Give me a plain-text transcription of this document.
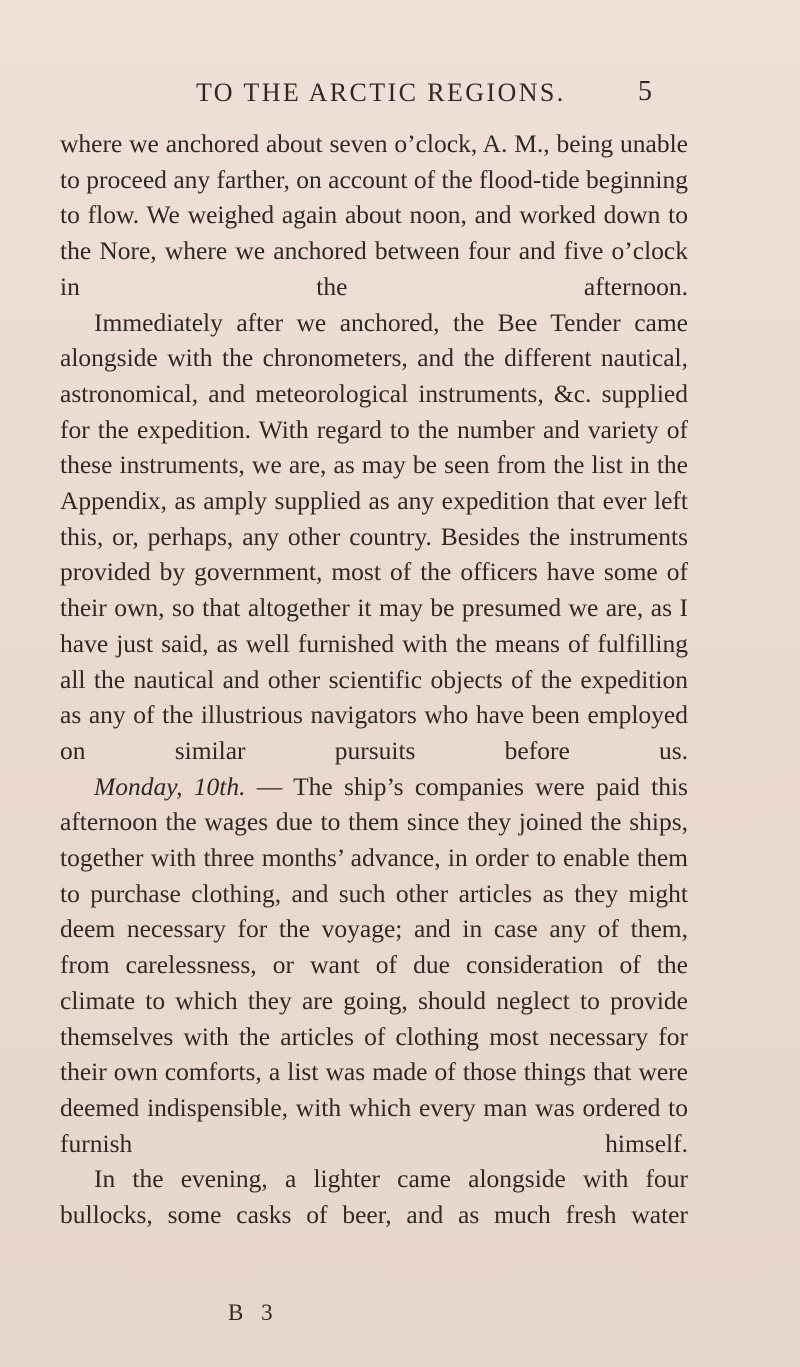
TO THE ARCTIC REGIONS.	5

where we anchored about seven o’clock, A. M., being unable to proceed any farther, on account of the flood-tide beginning to flow. We weighed again about noon, and worked down to the Nore, where we anchored between four and five o’clock in the afternoon.

Immediately after we anchored, the Bee Tender came alongside with the chronometers, and the different nautical, astronomical, and meteorological instruments, &c. supplied for the expedition. With regard to the number and variety of these instruments, we are, as may be seen from the list in the Appendix, as amply supplied as any expedition that ever left this, or, perhaps, any other country. Besides the instruments provided by government, most of the officers have some of their own, so that altogether it may be presumed we are, as I have just said, as well furnished with the means of fulfilling all the nautical and other scientific objects of the expedition as any of the illustrious navigators who have been employed on similar pursuits before us.

Monday, 10th. — The ship’s companies were paid this afternoon the wages due to them since they joined the ships, together with three months’ advance, in order to enable them to purchase clothing, and such other articles as they might deem necessary for the voyage; and in case any of them, from carelessness, or want of due consideration of the climate to which they are going, should neglect to provide themselves with the articles of clothing most necessary for their own comforts, a list was made of those things that were deemed indispensible, with which every man was ordered to furnish himself.

In the evening, a lighter came alongside with four bullocks, some casks of beer, and as much fresh water

B 3
